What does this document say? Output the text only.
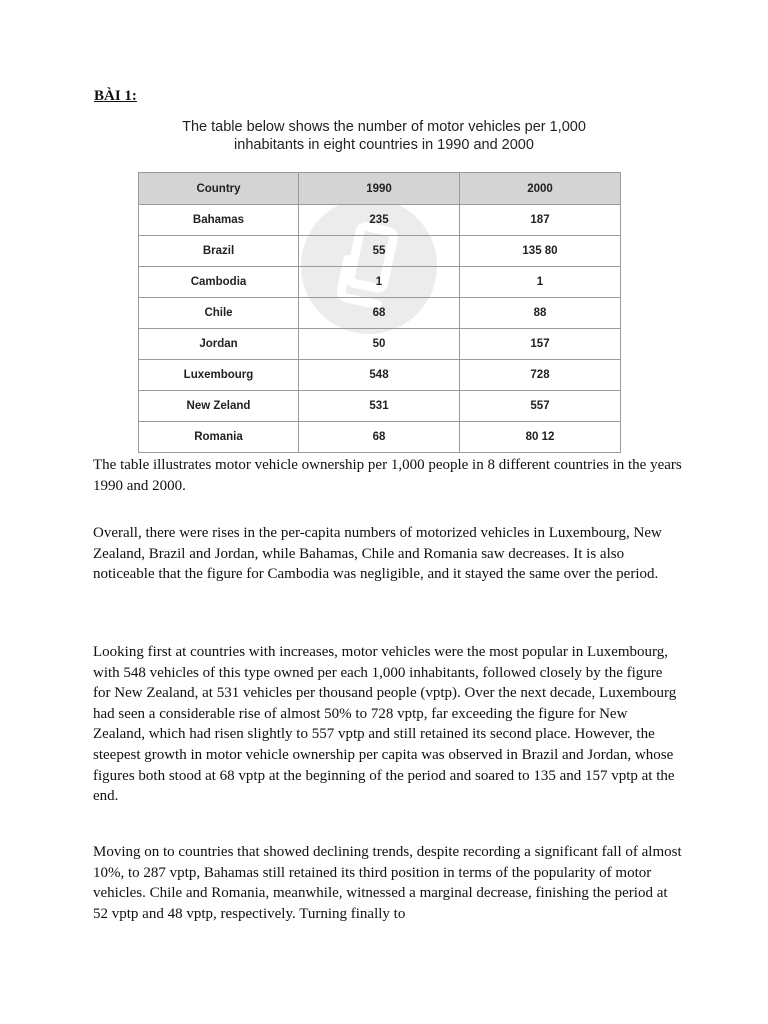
BÀI 1:
The table below shows the number of motor vehicles per 1,000
inhabitants in eight countries in 1990 and 2000
Country	1990	2000
Bahamas	235	187
Brazil	55	135 80
Cambodia	1	1
Chile	68	88
Jordan	50	157
Luxembourg	548	728
New Zeland	531	557
Romania	68	80 12

The table illustrates motor vehicle ownership per 1,000 people in 8 different countries in the years 1990 and 2000.

Overall, there were rises in the per-capita numbers of motorized vehicles in Luxembourg, New Zealand, Brazil and Jordan, while Bahamas, Chile and Romania saw decreases. It is also noticeable that the figure for Cambodia was negligible, and it stayed the same over the period.

Looking first at countries with increases, motor vehicles were the most popular in Luxembourg, with 548 vehicles of this type owned per each 1,000 inhabitants, followed closely by the figure for New Zealand, at 531 vehicles per thousand people (vptp). Over the next decade, Luxembourg had seen a considerable rise of almost 50% to 728 vptp, far exceeding the figure for New Zealand, which had risen slightly to 557 vptp and still retained its second place. However, the steepest growth in motor vehicle ownership per capita was observed in Brazil and Jordan, whose figures both stood at 68 vptp at the beginning of the period and soared to 135 and 157 vptp at the end.

Moving on to countries that showed declining trends, despite recording a significant fall of almost 10%, to 287 vptp, Bahamas still retained its third position in terms of the popularity of motor vehicles. Chile and Romania, meanwhile, witnessed a marginal decrease, finishing the period at 52 vptp and 48 vptp, respectively. Turning finally to
